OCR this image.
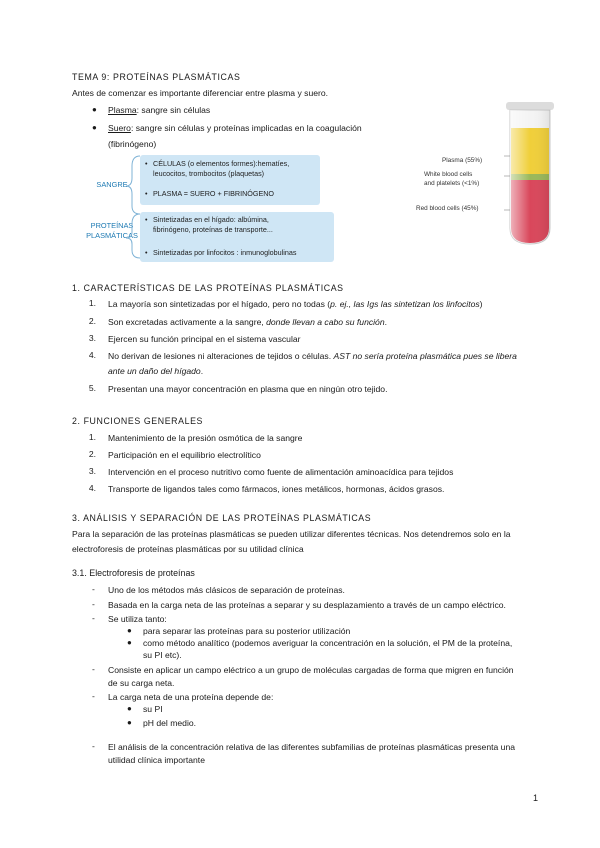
TEMA 9: PROTEÍNAS PLASMÁTICAS
Antes de comenzar es importante diferenciar entre plasma y suero.
● Plasma: sangre sin células
● Suero: sangre sin células y proteínas implicadas en la coagulación
(fibrinógeno)
SANGRE
PROTEÍNAS
PLASMÁTICAS
• CÉLULAS (o elementos formes):hematíes,
leucocitos, trombocitos (plaquetas)
• PLASMA = SUERO + FIBRINÓGENO
• Sintetizadas en el hígado: albúmina,
fibrinógeno, proteínas de transporte...
• Sintetizadas por linfocitos : inmunoglobulinas
Plasma (55%)
White blood cells
and platelets (<1%)
Red blood cells (45%)
1. CARACTERÍSTICAS DE LAS PROTEÍNAS PLASMÁTICAS
1. La mayoría son sintetizadas por el hígado, pero no todas (p. ej., las Igs las sintetizan los linfocitos)
2. Son excretadas activamente a la sangre, donde llevan a cabo su función.
3. Ejercen su función principal en el sistema vascular
4. No derivan de lesiones ni alteraciones de tejidos o células. AST no sería proteína plasmática pues se libera
ante un daño del hígado.
5. Presentan una mayor concentración en plasma que en ningún otro tejido.
2. FUNCIONES GENERALES
1. Mantenimiento de la presión osmótica de la sangre
2. Participación en el equilibrio electrolítico
3. Intervención en el proceso nutritivo como fuente de alimentación aminoacídica para tejidos
4. Transporte de ligandos tales como fármacos, iones metálicos, hormonas, ácidos grasos.
3. ANÁLISIS Y SEPARACIÓN DE LAS PROTEÍNAS PLASMÁTICAS
Para la separación de las proteínas plasmáticas se pueden utilizar diferentes técnicas. Nos detendremos solo en la
electroforesis de proteínas plasmáticas por su utilidad clínica
3.1. Electroforesis de proteínas
- Uno de los métodos más clásicos de separación de proteínas.
- Basada en la carga neta de las proteínas a separar y su desplazamiento a través de un campo eléctrico.
- Se utiliza tanto:
● para separar las proteínas para su posterior utilización
● como método analítico (podemos averiguar la concentración en la solución, el PM de la proteína,
su PI etc).
- Consiste en aplicar un campo eléctrico a un grupo de moléculas cargadas de forma que migren en función
de su carga neta.
- La carga neta de una proteína depende de:
● su PI
● pH del medio.
- El análisis de la concentración relativa de las diferentes subfamilias de proteínas plasmáticas presenta una
utilidad clínica importante
1
